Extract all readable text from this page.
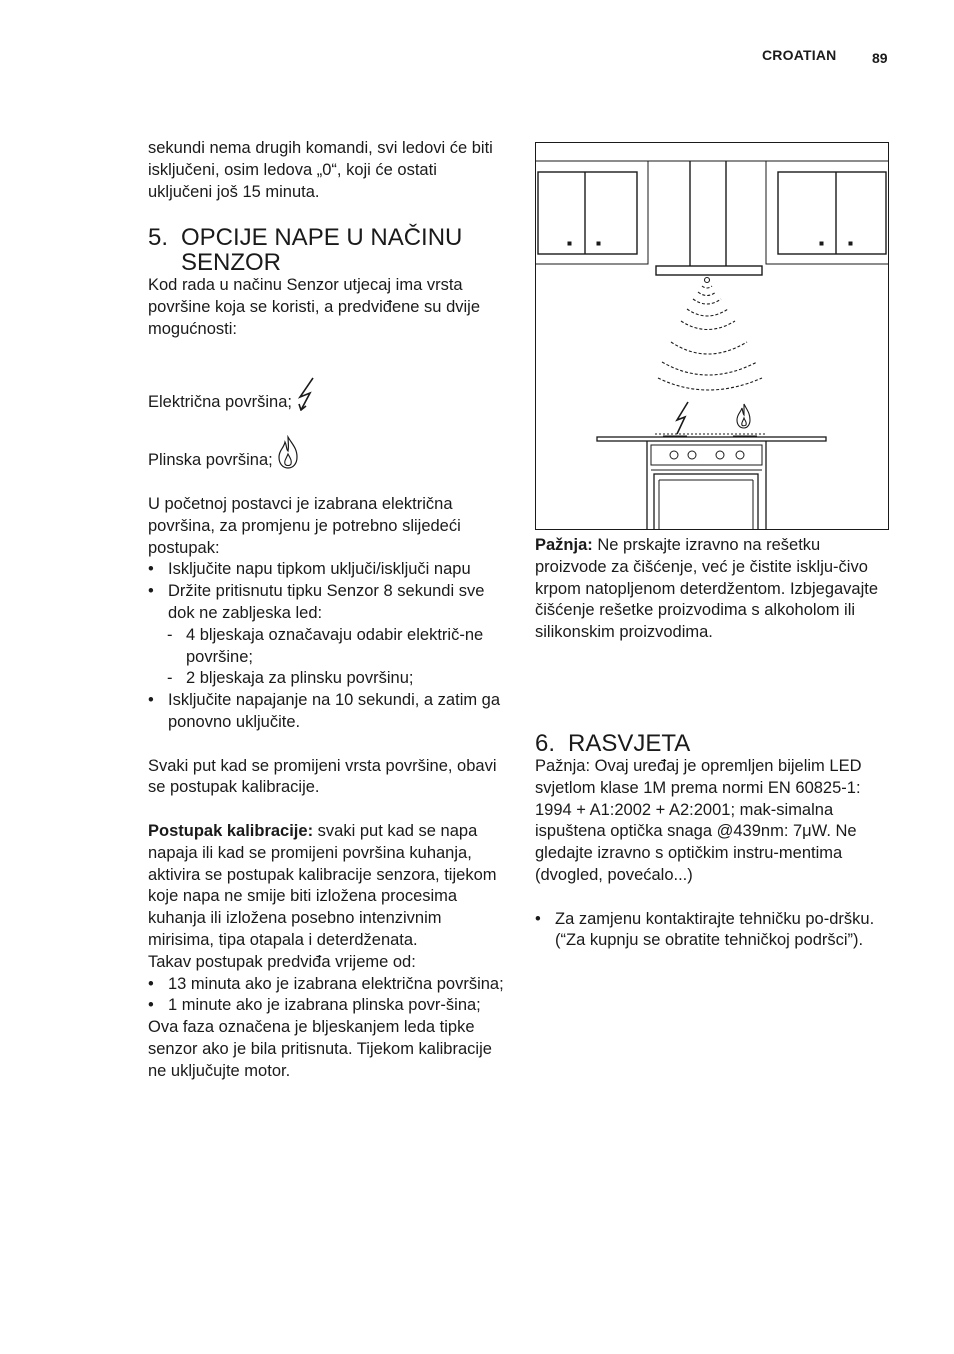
CROATIAN	89

sekundi nema drugih komandi, svi ledovi će biti isključeni, osim ledova „0“, koji će ostati uključeni još 15 minuta.

5. OPCIJE NAPE U NAČINU SENZOR

Kod rada u načinu Senzor utjecaj ima vrsta površine koja se koristi, a predviđene su dvije mogućnosti:

Električna površina;

Plinska površina;

U početnoj postavci je izabrana električna površina, za promjenu je potrebno slijedeći postupak:

• Isključite napu tipkom uključi/isključi napu
• Držite pritisnutu tipku Senzor 8 sekundi sve dok ne zabljeska led:
- 4 bljeskaja označavaju odabir električ-ne površine;
- 2 bljeskaja za plinsku površinu;
• Isključite napajanje na 10 sekundi, a zatim ga ponovno uključite.

Svaki put kad se promijeni vrsta površine, obavi se postupak kalibracije.

Postupak kalibracije: svaki put kad se napa napaja ili kad se promijeni površina kuhanja, aktivira se postupak kalibracije senzora, tijekom koje napa ne smije biti izložena procesima kuhanja ili izložena posebno intenzivnim mirisima, tipa otapala i deterdženata.

Takav postupak predviđa vrijeme od:

• 13 minuta ako je izabrana električna površina;
• 1 minute ako je izabrana plinska povr-šina;

Ova faza označena je bljeskanjem leda tipke senzor ako je bila pritisnuta. Tijekom kalibracije ne uključujte motor.

Pažnja: Ne prskajte izravno na rešetku proizvode za čišćenje, već je čistite isklju-čivo krpom natopljenom deterdžentom. Izbjegavajte čišćenje rešetke proizvodima s alkoholom ili silikonskim proizvodima.

6. RASVJETA

Pažnja: Ovaj uređaj je opremljen bijelim LED svjetlom klase 1M prema normi EN 60825-1: 1994 + A1:2002 + A2:2001; mak-simalna ispuštena optička snaga @439nm: 7μW. Ne gledajte izravno s optičkim instru-mentima (dvogled, povećalo...)

• Za zamjenu kontaktirajte tehničku po-dršku. (“Za kupnju se obratite tehničkoj podršci”).
